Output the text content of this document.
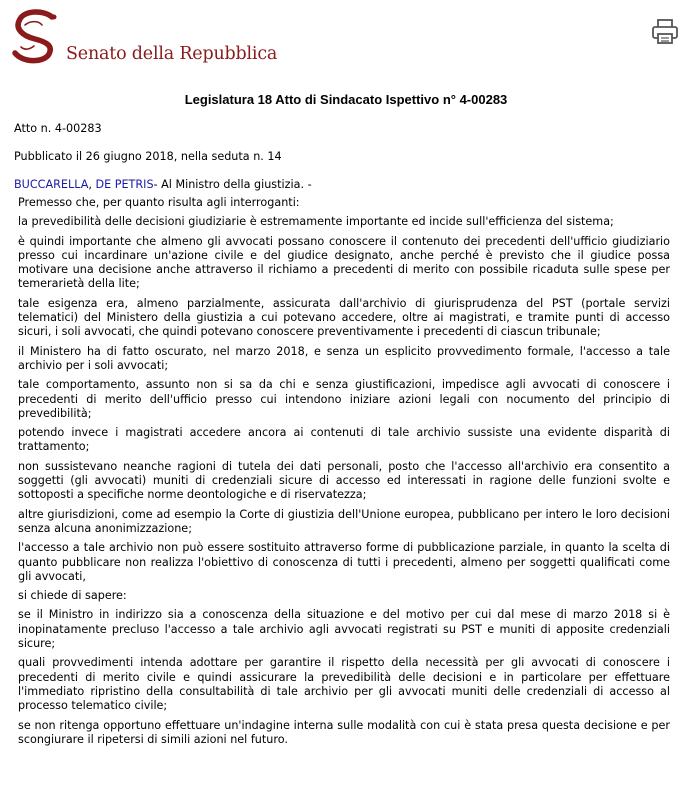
Senato della Repubblica
Legislatura 18 Atto di Sindacato Ispettivo n° 4-00283
Atto n. 4-00283
Pubblicato il 26 giugno 2018, nella seduta n. 14
BUCCARELLA, DE PETRIS- Al Ministro della giustizia. -

Premesso che, per quanto risulta agli interroganti:

la prevedibilità delle decisioni giudiziarie è estremamente importante ed incide sull'efficienza del sistema;

è quindi importante che almeno gli avvocati possano conoscere il contenuto dei precedenti dell'ufficio giudiziario presso cui incardinare un'azione civile e del giudice designato, anche perché è previsto che il giudice possa motivare una decisione anche attraverso il richiamo a precedenti di merito con possibile ricaduta sulle spese per temerarietà della lite;

tale esigenza era, almeno parzialmente, assicurata dall'archivio di giurisprudenza del PST (portale servizi telematici) del Ministero della giustizia a cui potevano accedere, oltre ai magistrati, e tramite punti di accesso sicuri, i soli avvocati, che quindi potevano conoscere preventivamente i precedenti di ciascun tribunale;

il Ministero ha di fatto oscurato, nel marzo 2018, e senza un esplicito provvedimento formale, l'accesso a tale archivio per i soli avvocati;

tale comportamento, assunto non si sa da chi e senza giustificazioni, impedisce agli avvocati di conoscere i precedenti di merito dell'ufficio presso cui intendono iniziare azioni legali con nocumento del principio di prevedibilità;

potendo invece i magistrati accedere ancora ai contenuti di tale archivio sussiste una evidente disparità di trattamento;

non sussistevano neanche ragioni di tutela dei dati personali, posto che l'accesso all'archivio era consentito a soggetti (gli avvocati) muniti di credenziali sicure di accesso ed interessati in ragione delle funzioni svolte e sottoposti a specifiche norme deontologiche e di riservatezza;

altre giurisdizioni, come ad esempio la Corte di giustizia dell'Unione europea, pubblicano per intero le loro decisioni senza alcuna anonimizzazione;

l'accesso a tale archivio non può essere sostituito attraverso forme di pubblicazione parziale, in quanto la scelta di quanto pubblicare non realizza l'obiettivo di conoscenza di tutti i precedenti, almeno per soggetti qualificati come gli avvocati,

si chiede di sapere:

se il Ministro in indirizzo sia a conoscenza della situazione e del motivo per cui dal mese di marzo 2018 si è inopinatamente precluso l'accesso a tale archivio agli avvocati registrati su PST e muniti di apposite credenziali sicure;

quali provvedimenti intenda adottare per garantire il rispetto della necessità per gli avvocati di conoscere i precedenti di merito civile e quindi assicurare la prevedibilità delle decisioni e in particolare per effettuare l'immediato ripristino della consultabilità di tale archivio per gli avvocati muniti delle credenziali di accesso al processo telematico civile;

se non ritenga opportuno effettuare un'indagine interna sulle modalità con cui è stata presa questa decisione e per scongiurare il ripetersi di simili azioni nel futuro.
